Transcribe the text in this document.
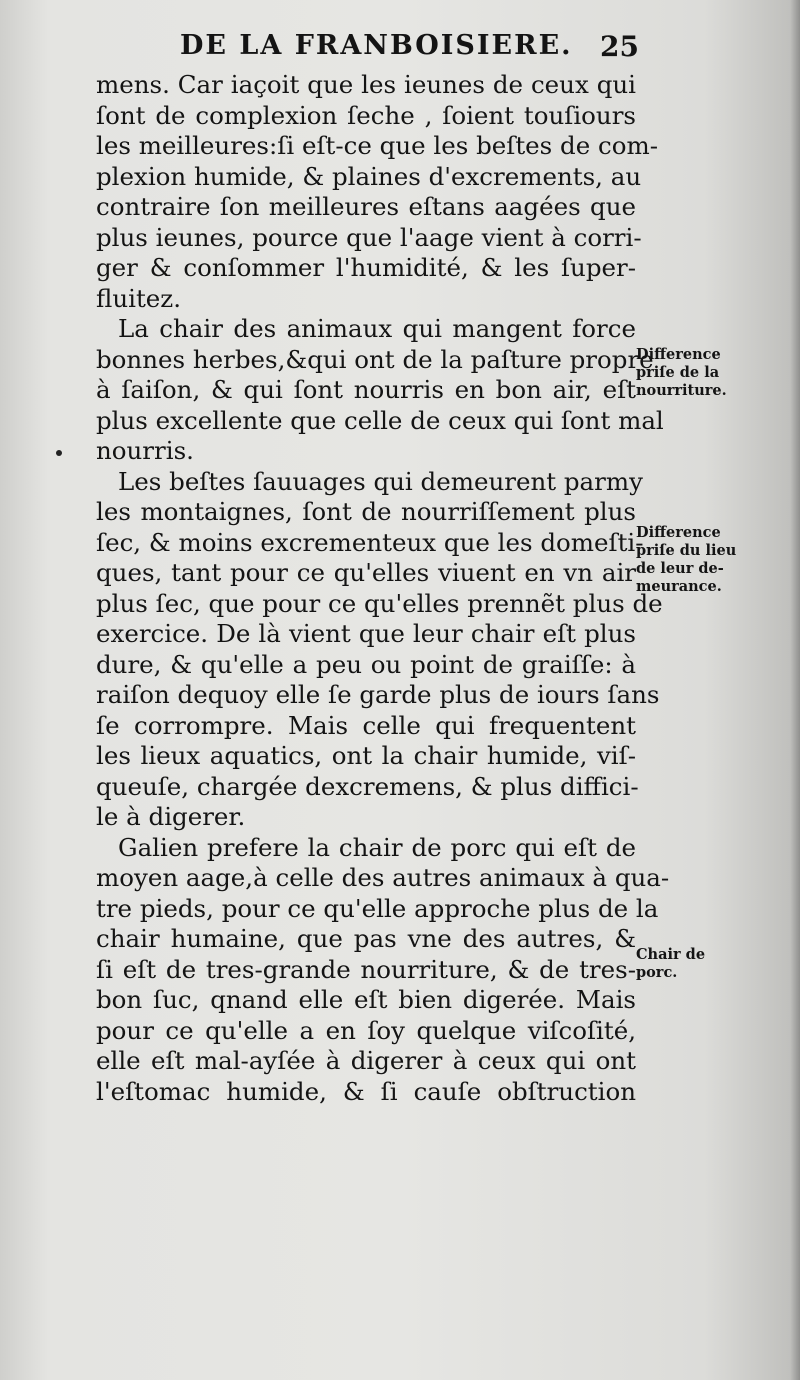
DE LA FRANBOISIERE. 25

mens. Car iaçoit que les ieunes de ceux qui
ſont de complexion ſeche , ſoient touſiours
les meilleures:ſi eſt-ce que les beſtes de com-
plexion humide, & plaines d'excrements, au
contraire ſon meilleures eſtans aagées que
plus ieunes, pource que l'aage vient à corri-
ger & conſommer l'humidité, & les ſuper-
fluitez.

La chair des animaux qui mangent force
bonnes herbes,&qui ont de la paſture propre
à ſaiſon, & qui ſont nourris en bon air, eſt
plus excellente que celle de ceux qui ſont mal
nourris.

Les beſtes ſauuages qui demeurent parmy
les montaignes, ſont de nourriſſement plus
ſec, & moins excrementeux que les domeſti-
ques, tant pour ce qu'elles viuent en vn air
plus ſec, que pour ce qu'elles prennẽt plus de
exercice. De là vient que leur chair eſt plus
dure, & qu'elle a peu ou point de graiſſe: à
raiſon dequoy elle ſe garde plus de iours ſans
ſe corrompre. Mais celle qui frequentent
les lieux aquatics, ont la chair humide, viſ-
queuſe, chargée dexcremens, & plus diffici-
le à digerer.

Galien prefere la chair de porc qui eſt de
moyen aage,à celle des autres animaux à qua-
tre pieds, pour ce qu'elle approche plus de la
chair humaine, que pas vne des autres, &
ſi eſt de tres-grande nourriture, & de tres-
bon ſuc, qnand elle eſt bien digerée. Mais
pour ce qu'elle a en ſoy quelque viſcoſité,
elle eſt mal-ayſée à digerer à ceux qui ont
l'eſtomac humide, & ſi cauſe obſtruction

Difference
priſe de la
nourriture.
Difference
priſe du lieu
de leur de-
meurance.
Chair de
porc.
